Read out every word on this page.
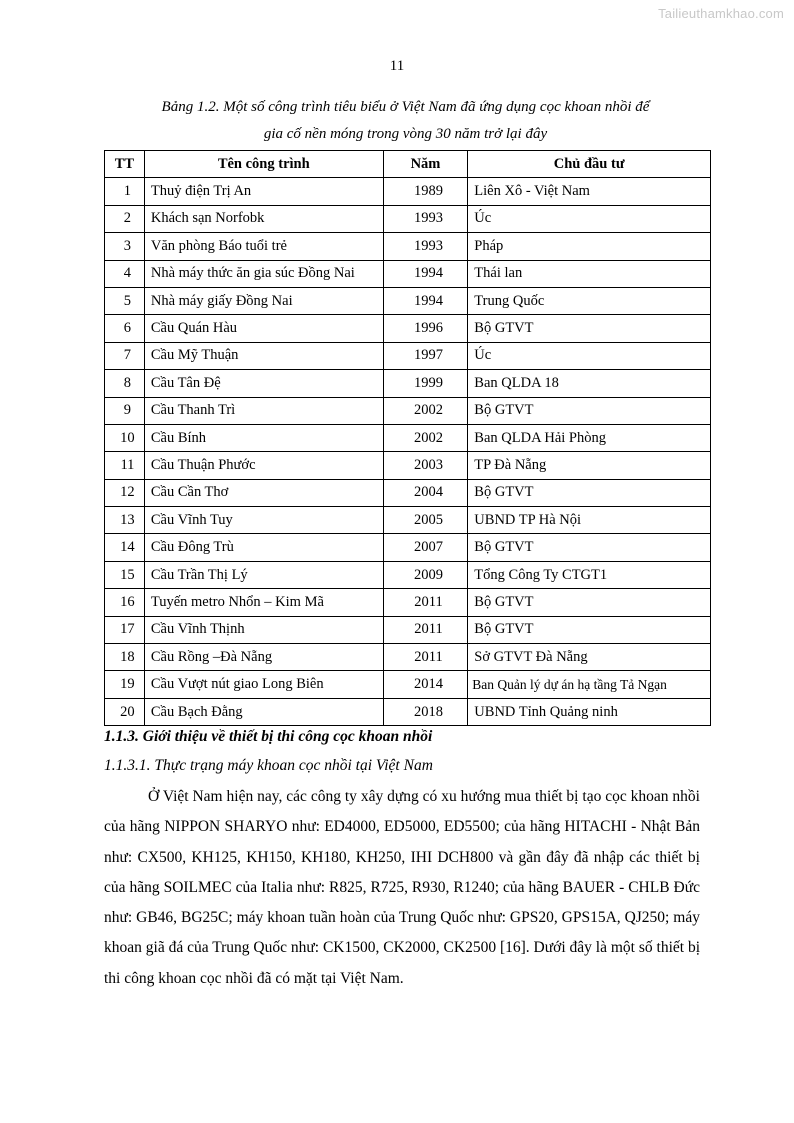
Tailieuthamkhao.com
11
Bảng 1.2. Một số công trình tiêu biểu ở Việt Nam đã ứng dụng cọc khoan nhồi để
gia cố nền móng trong vòng 30 năm trở lại đây
TT	Tên công trình	Năm	Chủ đầu tư
1	Thuỷ điện Trị An	1989	Liên Xô - Việt Nam
2	Khách sạn Norfobk	1993	Úc
3	Văn phòng Báo tuổi trẻ	1993	Pháp
4	Nhà máy thức ăn gia súc Đồng Nai	1994	Thái lan
5	Nhà máy giấy Đồng Nai	1994	Trung Quốc
6	Cầu Quán Hàu	1996	Bộ GTVT
7	Cầu Mỹ Thuận	1997	Úc
8	Cầu Tân Đệ	1999	Ban QLDA 18
9	Cầu Thanh Trì	2002	Bộ GTVT
10	Cầu Bính	2002	Ban QLDA Hải Phòng
11	Cầu Thuận Phước	2003	TP Đà Nẵng
12	Cầu Cần Thơ	2004	Bộ GTVT
13	Cầu Vĩnh Tuy	2005	UBND TP Hà Nội
14	Cầu Đông Trù	2007	Bộ GTVT
15	Cầu Trần Thị Lý	2009	Tổng Công Ty CTGT1
16	Tuyến metro Nhổn – Kim Mã	2011	Bộ GTVT
17	Cầu Vĩnh Thịnh	2011	Bộ GTVT
18	Cầu Rồng –Đà Nẵng	2011	Sở GTVT Đà Nẵng
19	Cầu Vượt nút giao Long Biên	2014	Ban Quản lý dự án hạ tầng Tả Ngạn
20	Cầu Bạch Đằng	2018	UBND Tỉnh Quảng ninh
1.1.3. Giới thiệu về thiết bị thi công cọc khoan nhồi
1.1.3.1. Thực trạng máy khoan cọc nhồi tại Việt Nam

Ở Việt Nam hiện nay, các công ty xây dựng có xu hướng mua thiết bị tạo cọc khoan nhồi của hãng NIPPON SHARYO như: ED4000, ED5000, ED5500; của hãng HITACHI - Nhật Bản như: CX500, KH125, KH150, KH180, KH250, IHI DCH800 và gần đây đã nhập các thiết bị của hãng SOILMEC của Italia như: R825, R725, R930, R1240; của hãng BAUER - CHLB Đức như: GB46, BG25C; máy khoan tuần hoàn của Trung Quốc như: GPS20, GPS15A, QJ250; máy khoan giã đá của Trung Quốc như: CK1500, CK2000, CK2500 [16]. Dưới đây là một số thiết bị thi công khoan cọc nhồi đã có mặt tại Việt Nam.
